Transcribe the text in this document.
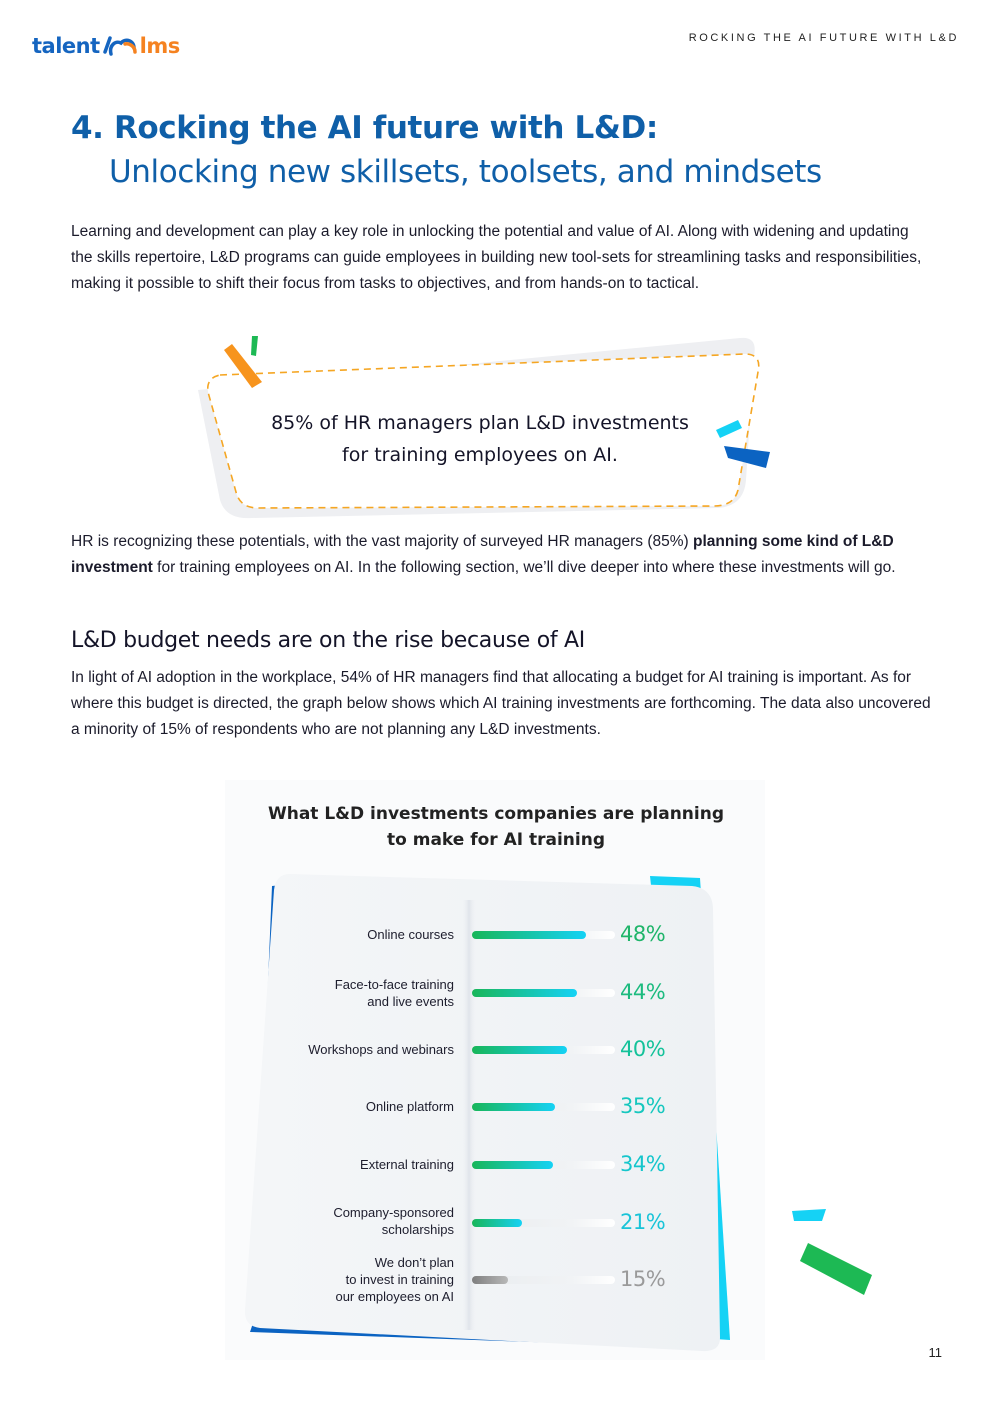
talent lms	ROCKING THE AI FUTURE WITH L&D
4. Rocking the AI future with L&D:
Unlocking new skillsets, toolsets, and mindsets
Learning and development can play a key role in unlocking the potential and value of AI. Along with widening and updating the skills repertoire, L&D programs can guide employees in building new tool-sets for streamlining tasks and responsibilities, making it possible to shift their focus from tasks to objectives, and from hands-on to tactical.
85% of HR managers plan L&D investments
for training employees on AI.
HR is recognizing these potentials, with the vast majority of surveyed HR managers (85%) planning some kind of L&D investment for training employees on AI. In the following section, we’ll dive deeper into where these investments will go.
L&D budget needs are on the rise because of AI
In light of AI adoption in the workplace, 54% of HR managers find that allocating a budget for AI training is important. As for where this budget is directed, the graph below shows which AI training investments are forthcoming. The data also uncovered a minority of 15% of respondents who are not planning any L&D investments.
What L&D investments companies are planning
to make for AI training
Online courses	48%
Face-to-face training
and live events	44%
Workshops and webinars	40%
Online platform	35%
External training	34%
Company-sponsored
scholarships	21%
We don’t plan
to invest in training
our employees on AI
15%
11
